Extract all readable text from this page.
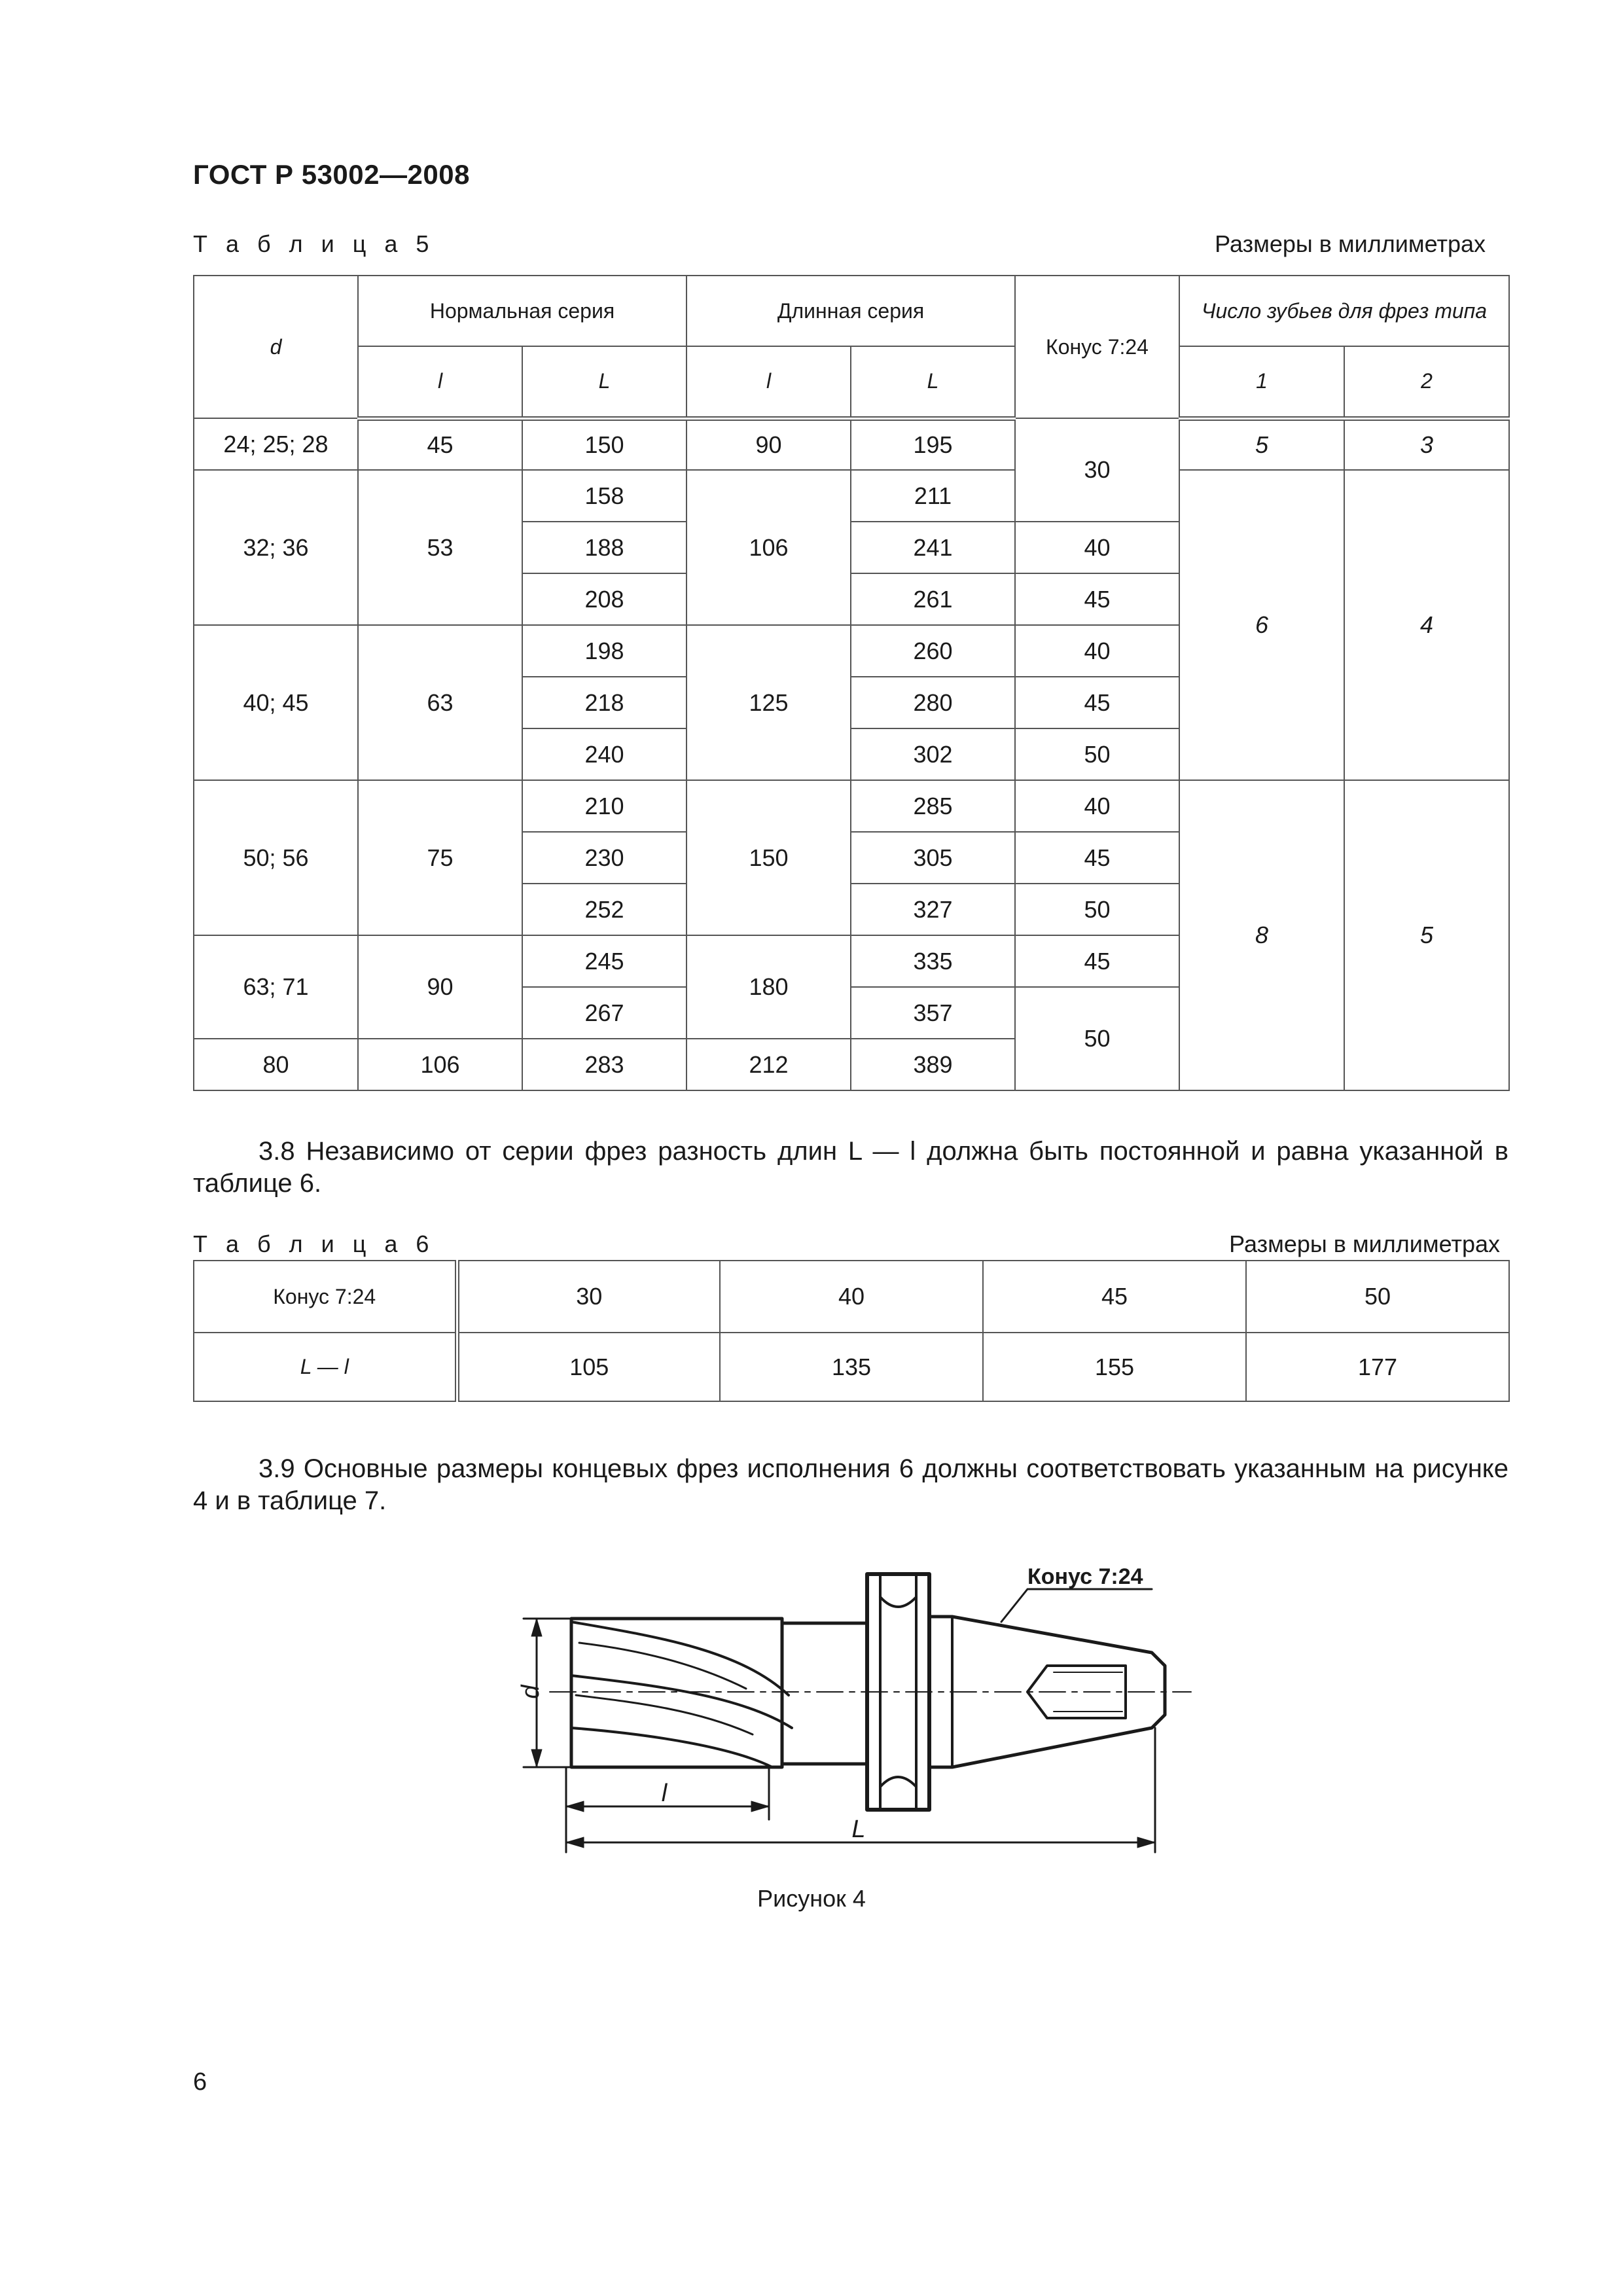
ГОСТ Р 53002—2008
Т а б л и ц а 5	Размеры в миллиметрах
d	Нормальная серия		Длинная серия		Конус 7:24	Число зубьев для фрез типа	
	l	L	l	L		1	2
24; 25; 28	45	150	90	195	30	5	3
32; 36	53	158	106	211		6	4
		188		241	40		
		208		261	45		
40; 45	63	198	125	260	40		
		218		280	45		
		240		302	50		
50; 56	75	210	150	285	40	8	5
		230		305	45		
		252		327	50		
63; 71	90	245	180	335	45		
		267		357	50		
80	106	283	212	389			
3.8 Независимо от серии фрез разность длин L — l должна быть постоянной и равна указанной в таблице 6.
Т а б л и ц а 6	Размеры в миллиметрах
Конус 7:24	30	40	45	50
L — l	105	135	155	177
3.9 Основные размеры концевых фрез исполнения 6 должны соответствовать указанным на рисунке 4 и в таблице 7.
Конус 7:24
d
l
L
Рисунок 4
6
